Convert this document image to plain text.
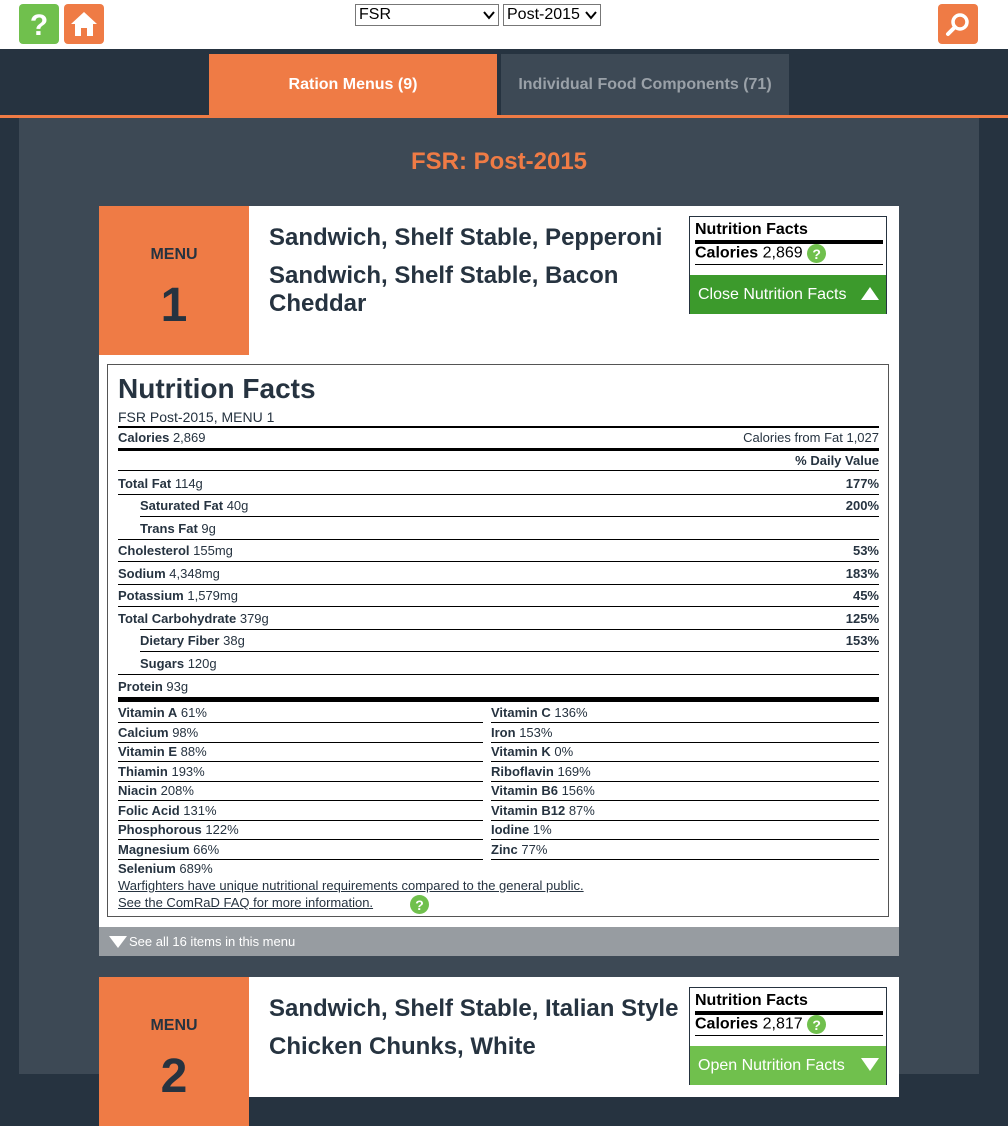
?	FSR	Post-2015
Ration Menus (9)	Individual Food Components (71)
FSR: Post-2015
MENU
1
Sandwich, Shelf Stable, Pepperoni
Sandwich, Shelf Stable, Bacon Cheddar
Nutrition Facts
Calories 2,869 ?
Close Nutrition Facts
Nutrition Facts
FSR Post-2015, MENU 1
Calories 2,869	Calories from Fat 1,027
% Daily Value
Total Fat 114g	177%
Saturated Fat 40g	200%
Trans Fat 9g
Cholesterol 155mg	53%
Sodium 4,348mg	183%
Potassium 1,579mg	45%
Total Carbohydrate 379g	125%
Dietary Fiber 38g	153%
Sugars 120g
Protein 93g
Vitamin A 61%	Vitamin C 136%
Calcium 98%	Iron 153%
Vitamin E 88%	Vitamin K 0%
Thiamin 193%	Riboflavin 169%
Niacin 208%	Vitamin B6 156%
Folic Acid 131%	Vitamin B12 87%
Phosphorous 122%	Iodine 1%
Magnesium 66%	Zinc 77%
Selenium 689%
Warfighters have unique nutritional requirements compared to the general public.
See the ComRaD FAQ for more information.	?
See all 16 items in this menu
MENU
2
Sandwich, Shelf Stable, Italian Style
Chicken Chunks, White
Nutrition Facts
Calories 2,817 ?
Open Nutrition Facts
